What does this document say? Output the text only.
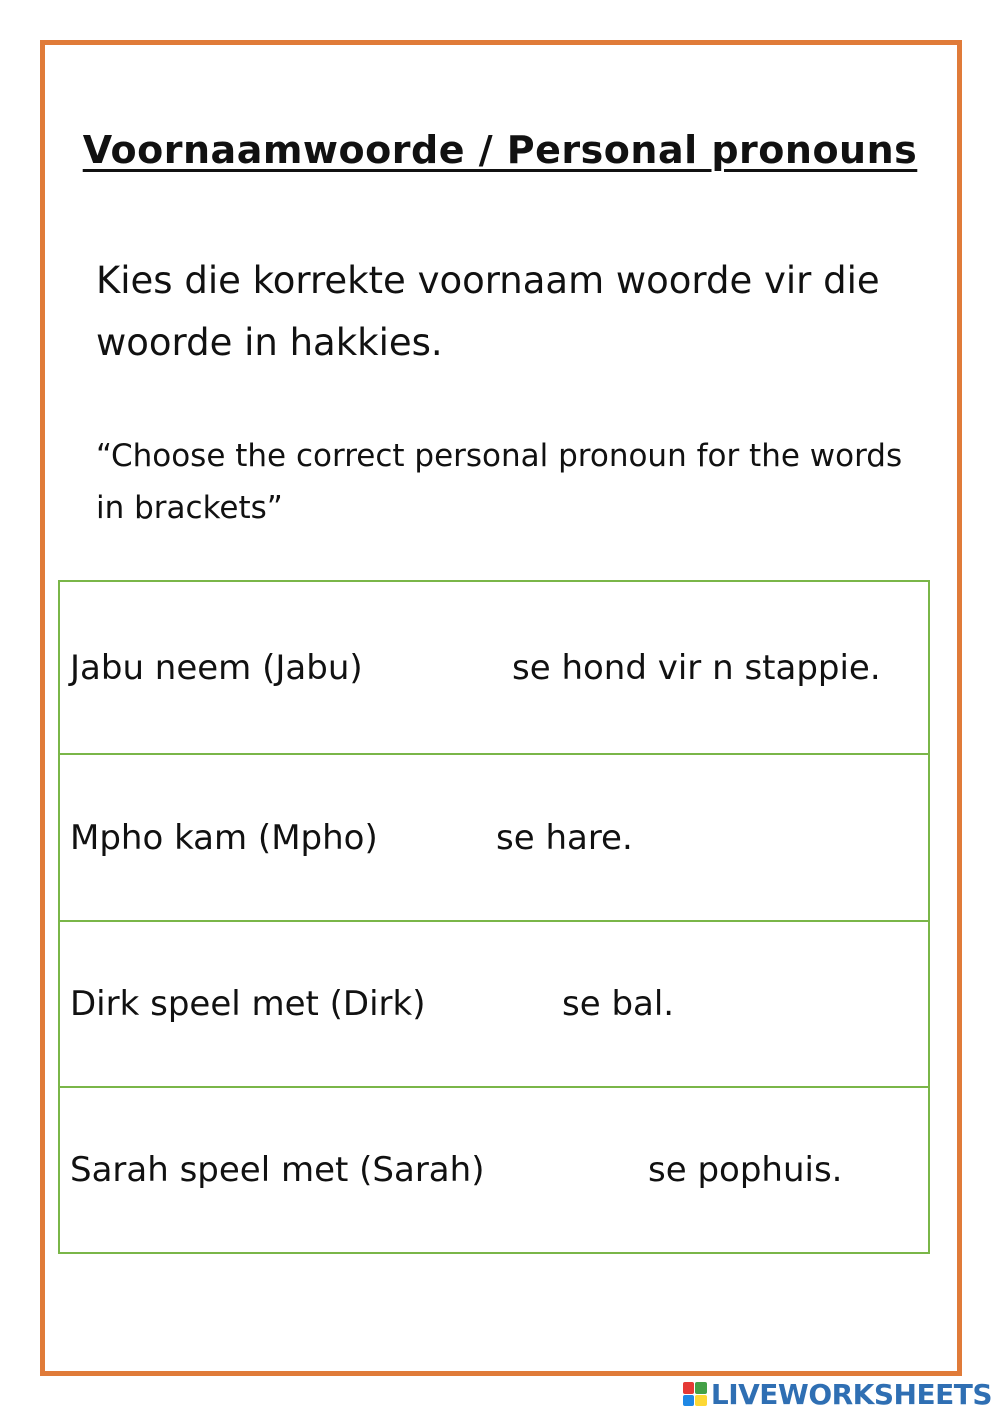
Voornaamwoorde / Personal pronouns
Kies die korrekte voornaam woorde vir die woorde in hakkies.
“Choose the correct personal pronoun for the words in brackets”
Jabu neem (Jabu)	se hond vir n stappie.
Mpho kam (Mpho)	se hare.
Dirk speel met (Dirk)	se bal.
Sarah speel met (Sarah)	se pophuis.
LIVEWORKSHEETS
